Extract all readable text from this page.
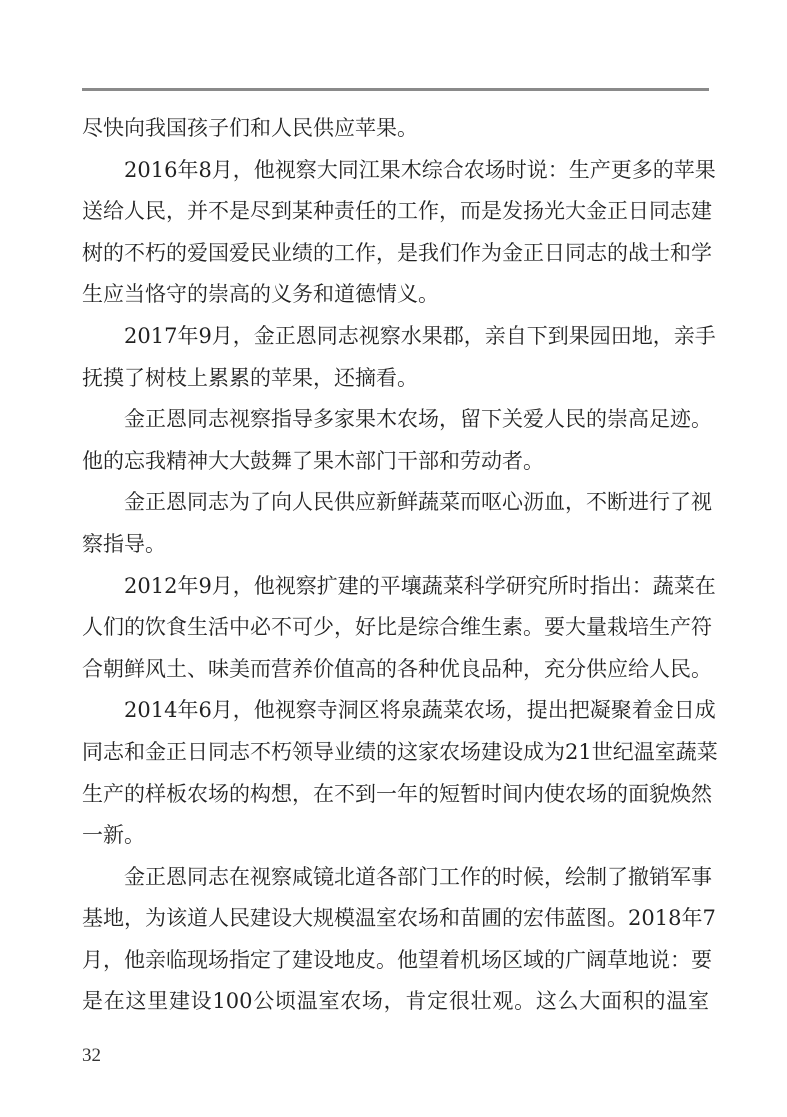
尽快向我国孩子们和人民供应苹果。
2016年8月，他视察大同江果木综合农场时说：生产更多的苹果
送给人民，并不是尽到某种责任的工作，而是发扬光大金正日同志建
树的不朽的爱国爱民业绩的工作，是我们作为金正日同志的战士和学
生应当恪守的崇高的义务和道德情义。
2017年9月，金正恩同志视察水果郡，亲自下到果园田地，亲手
抚摸了树枝上累累的苹果，还摘看。
金正恩同志视察指导多家果木农场，留下关爱人民的崇高足迹。
他的忘我精神大大鼓舞了果木部门干部和劳动者。
金正恩同志为了向人民供应新鲜蔬菜而呕心沥血，不断进行了视
察指导。
2012年9月，他视察扩建的平壤蔬菜科学研究所时指出：蔬菜在
人们的饮食生活中必不可少，好比是综合维生素。要大量栽培生产符
合朝鲜风土、味美而营养价值高的各种优良品种，充分供应给人民。
2014年6月，他视察寺洞区将泉蔬菜农场，提出把凝聚着金日成
同志和金正日同志不朽领导业绩的这家农场建设成为21世纪温室蔬菜
生产的样板农场的构想，在不到一年的短暂时间内使农场的面貌焕然
一新。
金正恩同志在视察咸镜北道各部门工作的时候，绘制了撤销军事
基地，为该道人民建设大规模温室农场和苗圃的宏伟蓝图。2018年7
月，他亲临现场指定了建设地皮。他望着机场区域的广阔草地说：要
是在这里建设100公顷温室农场，肯定很壮观。这么大面积的温室
32
